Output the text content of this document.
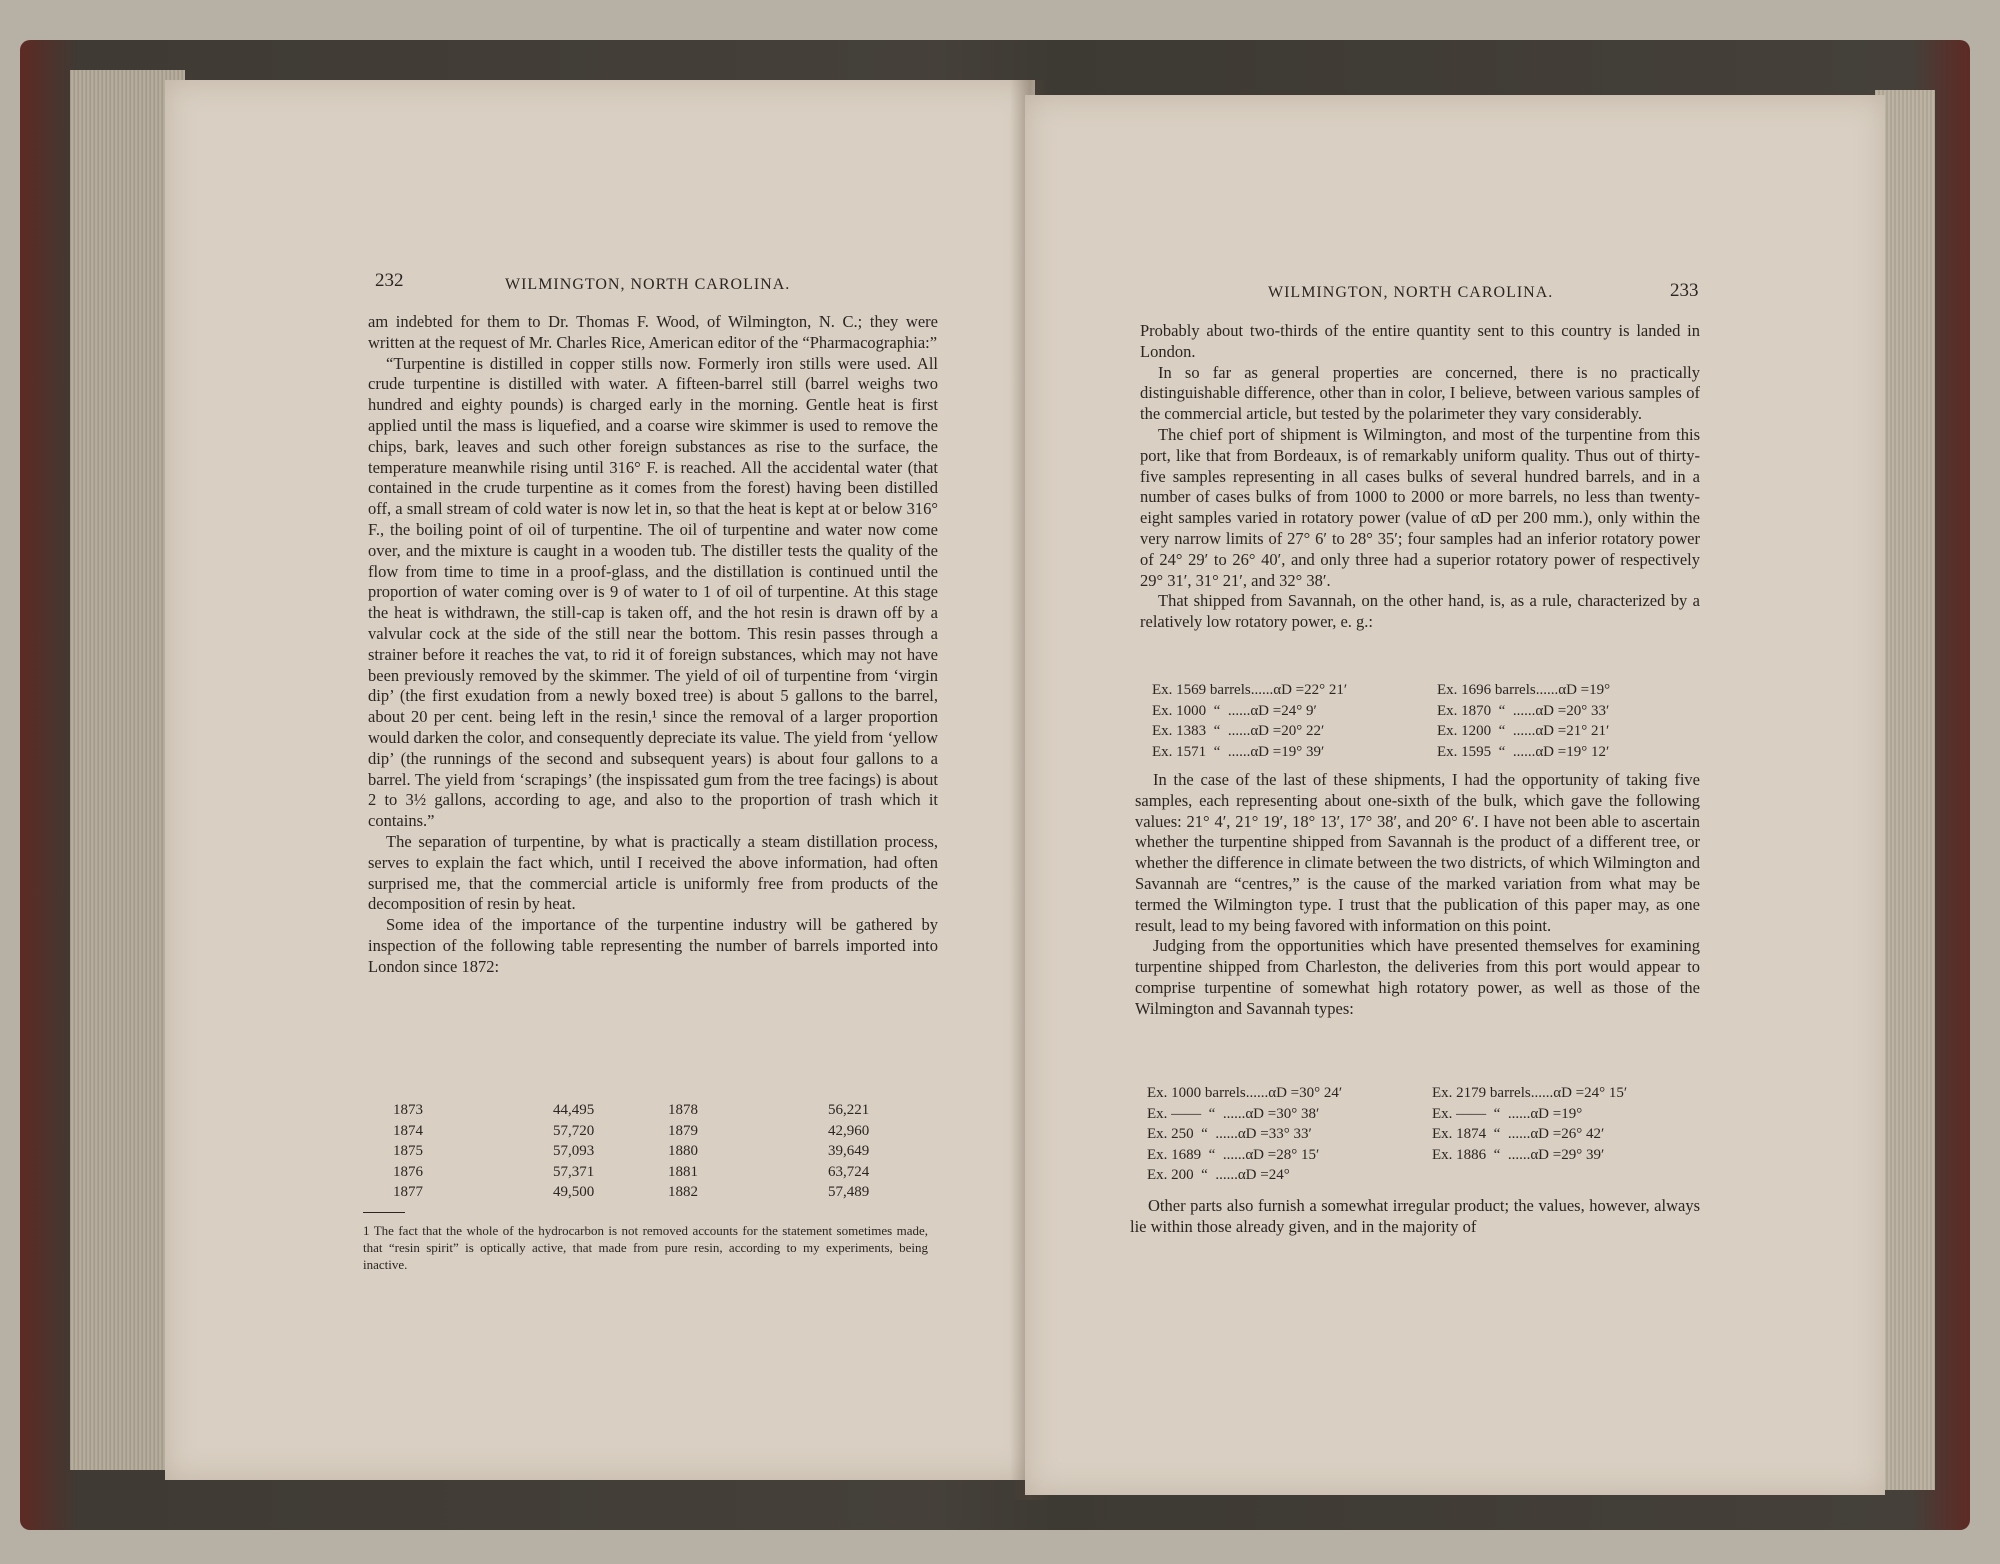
232	WILMINGTON, NORTH CAROLINA.

am indebted for them to Dr. Thomas F. Wood, of Wilmington, N. C.; they were written at the request of Mr. Charles Rice, American editor of the “Pharmacographia:”

“Turpentine is distilled in copper stills now. Formerly iron stills were used. All crude turpentine is distilled with water. A fifteen-barrel still (barrel weighs two hundred and eighty pounds) is charged early in the morning. Gentle heat is first applied until the mass is liquefied, and a coarse wire skimmer is used to remove the chips, bark, leaves and such other foreign substances as rise to the surface, the temperature meanwhile rising until 316° F. is reached. All the accidental water (that contained in the crude turpentine as it comes from the forest) having been distilled off, a small stream of cold water is now let in, so that the heat is kept at or below 316° F., the boiling point of oil of turpentine. The oil of turpentine and water now come over, and the mixture is caught in a wooden tub. The distiller tests the quality of the flow from time to time in a proof-glass, and the distillation is continued until the proportion of water coming over is 9 of water to 1 of oil of turpentine. At this stage the heat is withdrawn, the still-cap is taken off, and the hot resin is drawn off by a valvular cock at the side of the still near the bottom. This resin passes through a strainer before it reaches the vat, to rid it of foreign substances, which may not have been previously removed by the skimmer. The yield of oil of turpentine from ‘virgin dip’ (the first exudation from a newly boxed tree) is about 5 gallons to the barrel, about 20 per cent. being left in the resin,¹ since the removal of a larger proportion would darken the color, and consequently depreciate its value. The yield from ‘yellow dip’ (the runnings of the second and subsequent years) is about four gallons to a barrel. The yield from ‘scrapings’ (the inspissated gum from the tree facings) is about 2 to 3½ gallons, according to age, and also to the proportion of trash which it contains.”

The separation of turpentine, by what is practically a steam distillation process, serves to explain the fact which, until I received the above information, had often surprised me, that the commercial article is uniformly free from products of the decomposition of resin by heat.

Some idea of the importance of the turpentine industry will be gathered by inspection of the following table representing the number of barrels imported into London since 1872:

1873	44,495	1878	56,221
1874	57,720	1879	42,960
1875	57,093	1880	39,649
1876	57,371	1881	63,724
1877	49,500	1882	57,489
1 The fact that the whole of the hydrocarbon is not removed accounts for the statement sometimes made, that “resin spirit” is optically active, that made from pure resin, according to my experiments, being inactive.
WILMINGTON, NORTH CAROLINA.	233

Probably about two-thirds of the entire quantity sent to this country is landed in London.

In so far as general properties are concerned, there is no practically distinguishable difference, other than in color, I believe, between various samples of the commercial article, but tested by the polarimeter they vary considerably.

The chief port of shipment is Wilmington, and most of the turpentine from this port, like that from Bordeaux, is of remarkably uniform quality. Thus out of thirty-five samples representing in all cases bulks of several hundred barrels, and in a number of cases bulks of from 1000 to 2000 or more barrels, no less than twenty-eight samples varied in rotatory power (value of αD per 200 mm.), only within the very narrow limits of 27° 6′ to 28° 35′; four samples had an inferior rotatory power of 24° 29′ to 26° 40′, and only three had a superior rotatory power of respectively 29° 31′, 31° 21′, and 32° 38′.

That shipped from Savannah, on the other hand, is, as a rule, characterized by a relatively low rotatory power, e. g.:

Ex. 1569 barrels......αD =22° 21′	Ex. 1696 barrels......αD =19°
Ex. 1000  “  ......αD =24° 9′	Ex. 1870  “  ......αD =20° 33′
Ex. 1383  “  ......αD =20° 22′	Ex. 1200  “  ......αD =21° 21′
Ex. 1571  “  ......αD =19° 39′	Ex. 1595  “  ......αD =19° 12′

In the case of the last of these shipments, I had the opportunity of taking five samples, each representing about one-sixth of the bulk, which gave the following values: 21° 4′, 21° 19′, 18° 13′, 17° 38′, and 20° 6′. I have not been able to ascertain whether the turpentine shipped from Savannah is the product of a different tree, or whether the difference in climate between the two districts, of which Wilmington and Savannah are “centres,” is the cause of the marked variation from what may be termed the Wilmington type. I trust that the publication of this paper may, as one result, lead to my being favored with information on this point.

Judging from the opportunities which have presented themselves for examining turpentine shipped from Charleston, the deliveries from this port would appear to comprise turpentine of somewhat high rotatory power, as well as those of the Wilmington and Savannah types:

Ex. 1000 barrels......αD =30° 24′	Ex. 2179 barrels......αD =24° 15′
Ex. ——  “  ......αD =30° 38′	Ex. ——  “  ......αD =19°
Ex. 250  “  ......αD =33° 33′	Ex. 1874  “  ......αD =26° 42′
Ex. 1689  “  ......αD =28° 15′	Ex. 1886  “  ......αD =29° 39′
Ex. 200  “  ......αD =24°

Other parts also furnish a somewhat irregular product; the values, however, always lie within those already given, and in the majority of
